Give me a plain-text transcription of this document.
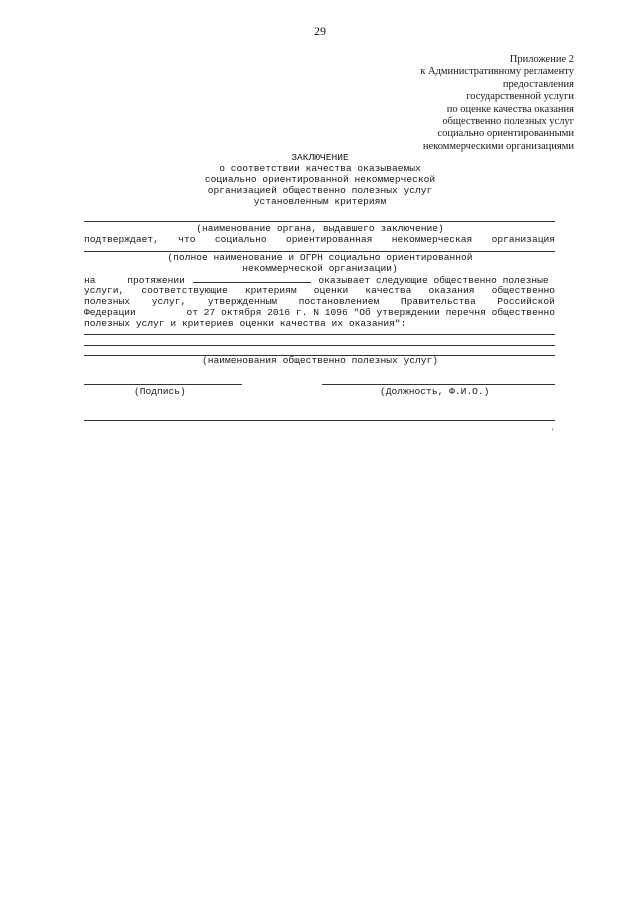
29
Приложение 2
к Административному регламенту
предоставления
государственной услуги
по оценке качества оказания
общественно полезных услуг
социально ориентированными
некоммерческими организациями
ЗАКЛЮЧЕНИЕ
о соответствии качества оказываемых
социально ориентированной некоммерческой
организацией общественно полезных услуг
установленным критериям
(наименование органа, выдавшего заключение)
подтверждает, что социально ориентированная некоммерческая организация
(полное наименование и ОГРН социально ориентированной
некоммерческой организации)
на	протяжении	оказывает следующие общественно полезные
услуги, соответствующие критериям оценки качества оказания общественно
полезных услуг, утвержденным постановлением Правительства Российской
Федерации	от 27 октября 2016 г. N 1096 "Об утверждении перечня общественно
полезных услуг и критериев оценки качества их оказания":
(наименования общественно полезных услуг)
(Подпись)	(Должность, Ф.И.О.)
'
